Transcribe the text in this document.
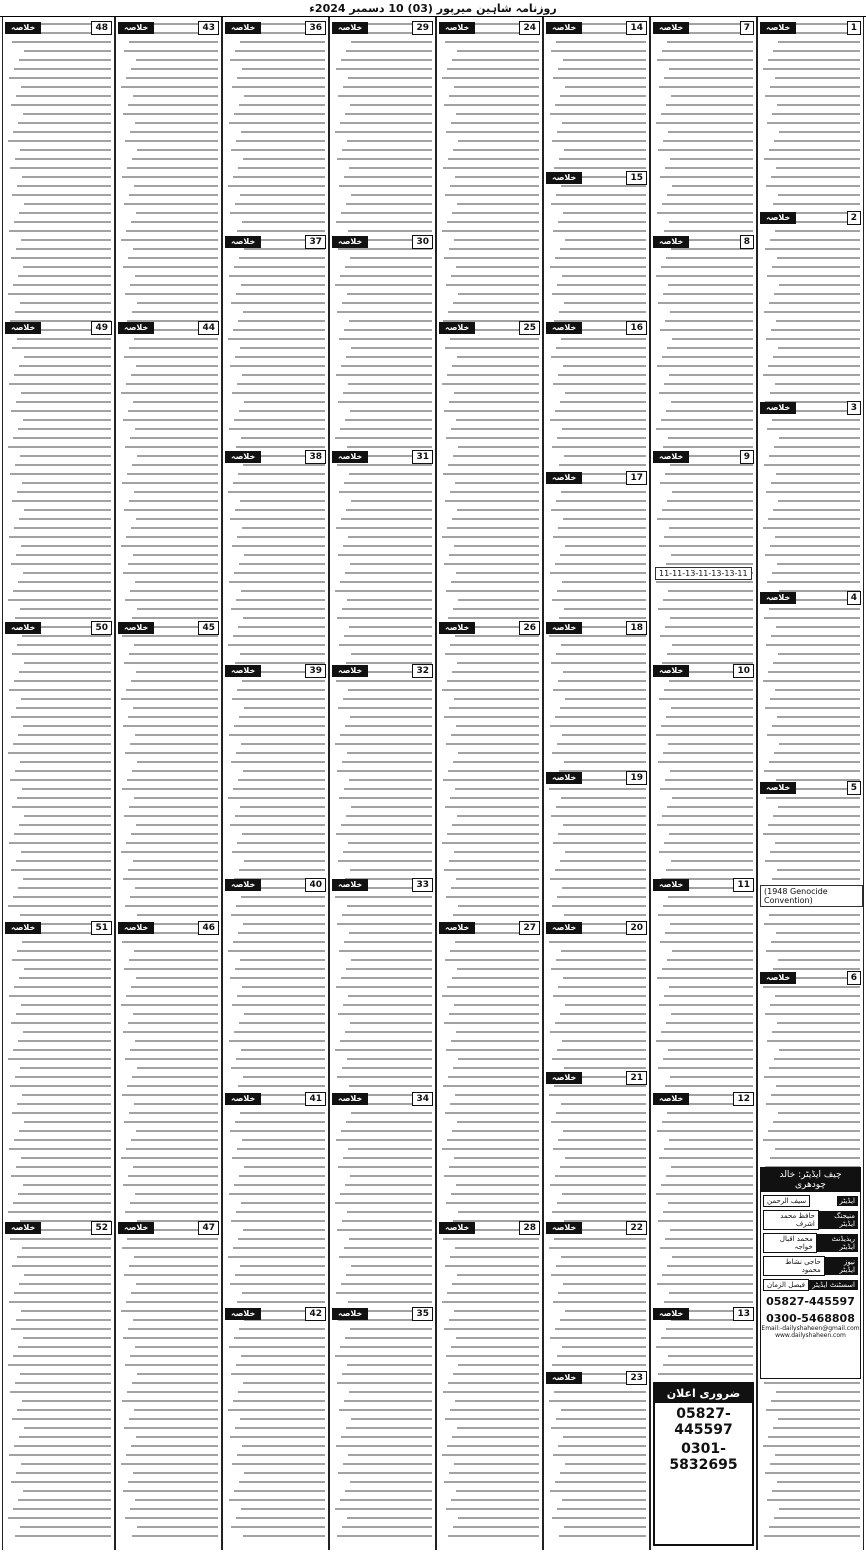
روزنامہ شاہین میرپور (03) 10 دسمبر 2024ء
1
خلاصہ
2
خلاصہ
3
خلاصہ
4
خلاصہ
5
خلاصہ
6
خلاصہ
(1948 Genocide Convention)
چیف ایڈیٹر: خالد چودھری
ایڈیٹر
سیف الرحمن
منیجنگ ایڈیٹر
حافظ محمد اشرف
ریذیڈنٹ ایڈیٹر
محمد اقبال خواجہ
نیوز ایڈیٹر
حاجی نشاط محمود
اسسٹنٹ ایڈیٹر
فیصل الزمان
05827-445597
0300-5468808
Email:-dailyshaheen@gmail.com
www.dailyshaheen.com
7
خلاصہ
8
خلاصہ
9
خلاصہ
10
خلاصہ
11
خلاصہ
12
خلاصہ
13
خلاصہ
11-11-13-11-13-13-11
ضروری اعلان
05827-445597
0301-5832695
14
خلاصہ
15
خلاصہ
16
خلاصہ
17
خلاصہ
18
خلاصہ
19
خلاصہ
20
خلاصہ
21
خلاصہ
22
خلاصہ
23
خلاصہ
24
خلاصہ
25
خلاصہ
26
خلاصہ
27
خلاصہ
28
خلاصہ
29
خلاصہ
30
خلاصہ
31
خلاصہ
32
خلاصہ
33
خلاصہ
34
خلاصہ
35
خلاصہ
36
خلاصہ
37
خلاصہ
38
خلاصہ
39
خلاصہ
40
خلاصہ
41
خلاصہ
42
خلاصہ
43
خلاصہ
44
خلاصہ
45
خلاصہ
46
خلاصہ
47
خلاصہ
48
خلاصہ
49
خلاصہ
50
خلاصہ
51
خلاصہ
52
خلاصہ
